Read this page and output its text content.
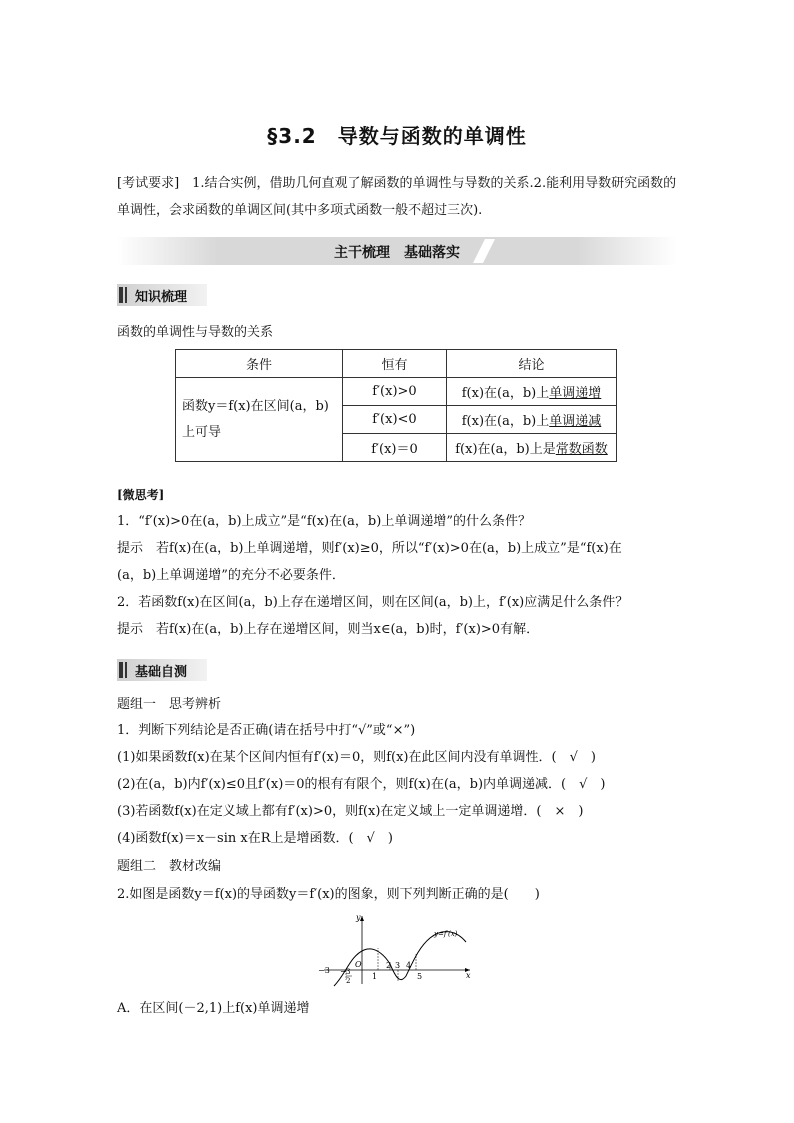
§3.2　导数与函数的单调性
[考试要求]　1.结合实例，借助几何直观了解函数的单调性与导数的关系.2.能利用导数研究函数的单调性，会求函数的单调区间(其中多项式函数一般不超过三次).
主干梳理　基础落实
知识梳理
函数的单调性与导数的关系
条件	恒有	结论

函数y＝f(x)在区间(a，b)
上可导	f′(x)>0	f(x)在(a，b)上单调递增
	f′(x)<0	f(x)在(a，b)上单调递减
	f′(x)＝0	f(x)在(a，b)上是常数函数
[微思考]
1．“f′(x)>0在(a，b)上成立”是“f(x)在(a，b)上单调递增”的什么条件？
提示　若f(x)在(a，b)上单调递增，则f′(x)≥0，所以“f′(x)>0在(a，b)上成立”是“f(x)在
(a，b)上单调递增”的充分不必要条件．
2．若函数f(x)在区间(a，b)上存在递增区间，则在区间(a，b)上，f′(x)应满足什么条件？
提示　若f(x)在(a，b)上存在递增区间，则当x∈(a，b)时，f′(x)>0有解．
基础自测
题组一　思考辨析
1．判断下列结论是否正确(请在括号中打“√”或“×”)
(1)如果函数f(x)在某个区间内恒有f′(x)＝0，则f(x)在此区间内没有单调性．(　√　)
(2)在(a，b)内f′(x)≤0且f′(x)＝0的根有有限个，则f(x)在(a，b)内单调递减．(　√　)
(3)若函数f(x)在定义域上都有f′(x)>0，则f(x)在定义域上一定单调递增．(　×　)
(4)函数f(x)＝x－sin x在R上是增函数．(　√　)
题组二　教材改编
2.如图是函数y＝f(x)的导函数y＝f′(x)的图象，则下列判断正确的是(　　)
y
x
O
y=f′(x)
−3 − 3
2	1
2 3 4
5
A．在区间(－2,1)上f(x)单调递增
